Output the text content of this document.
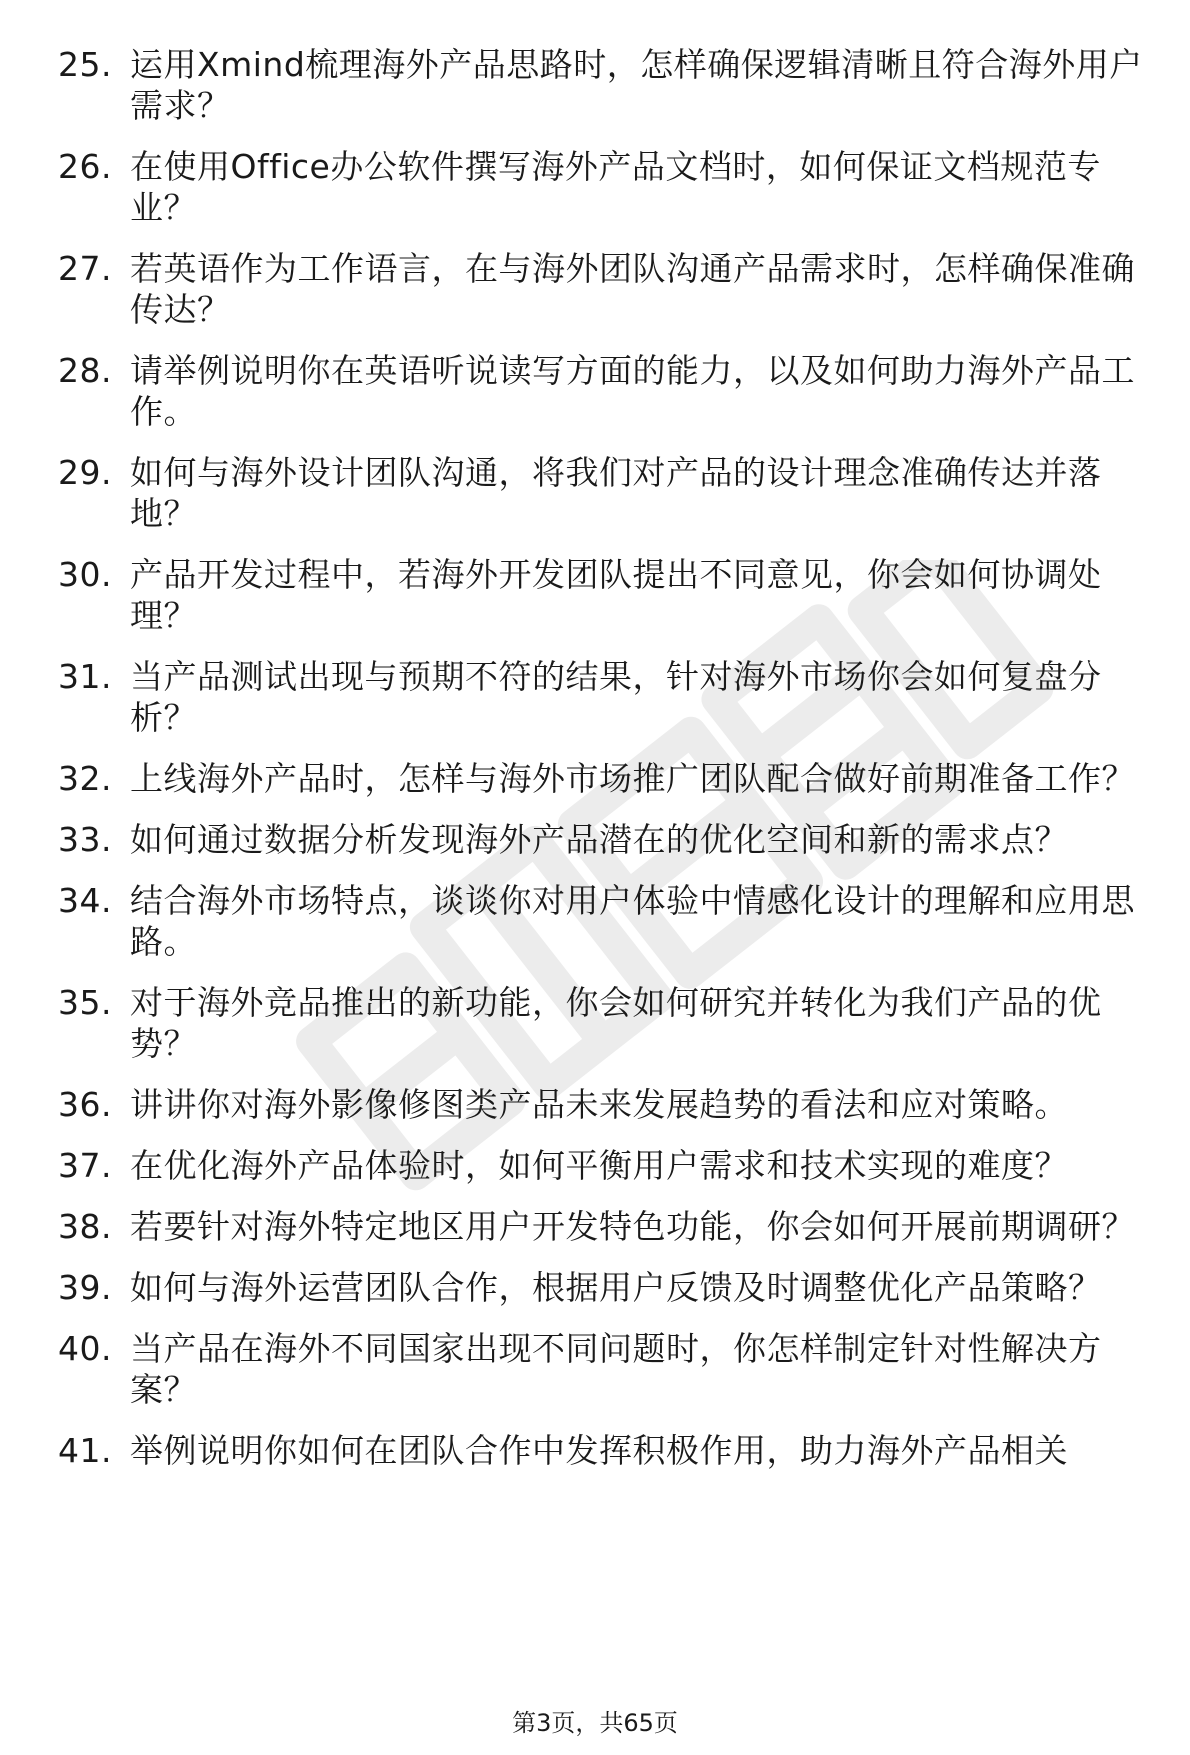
25. 运用Xmind梳理海外产品思路时，怎样确保逻辑清晰且符合海外用户需求？
26. 在使用Office办公软件撰写海外产品文档时，如何保证文档规范专业？
27. 若英语作为工作语言，在与海外团队沟通产品需求时，怎样确保准确传达？
28. 请举例说明你在英语听说读写方面的能力，以及如何助力海外产品工作。
29. 如何与海外设计团队沟通，将我们对产品的设计理念准确传达并落地？
30. 产品开发过程中，若海外开发团队提出不同意见，你会如何协调处理？
31. 当产品测试出现与预期不符的结果，针对海外市场你会如何复盘分析？
32. 上线海外产品时，怎样与海外市场推广团队配合做好前期准备工作？
33. 如何通过数据分析发现海外产品潜在的优化空间和新的需求点？
34. 结合海外市场特点，谈谈你对用户体验中情感化设计的理解和应用思路。
35. 对于海外竞品推出的新功能，你会如何研究并转化为我们产品的优势？
36. 讲讲你对海外影像修图类产品未来发展趋势的看法和应对策略。
37. 在优化海外产品体验时，如何平衡用户需求和技术实现的难度？
38. 若要针对海外特定地区用户开发特色功能，你会如何开展前期调研？
39. 如何与海外运营团队合作，根据用户反馈及时调整优化产品策略？
40. 当产品在海外不同国家出现不同问题时，你怎样制定针对性解决方案？
41. 举例说明你如何在团队合作中发挥积极作用，助力海外产品相关
第3页，共65页
